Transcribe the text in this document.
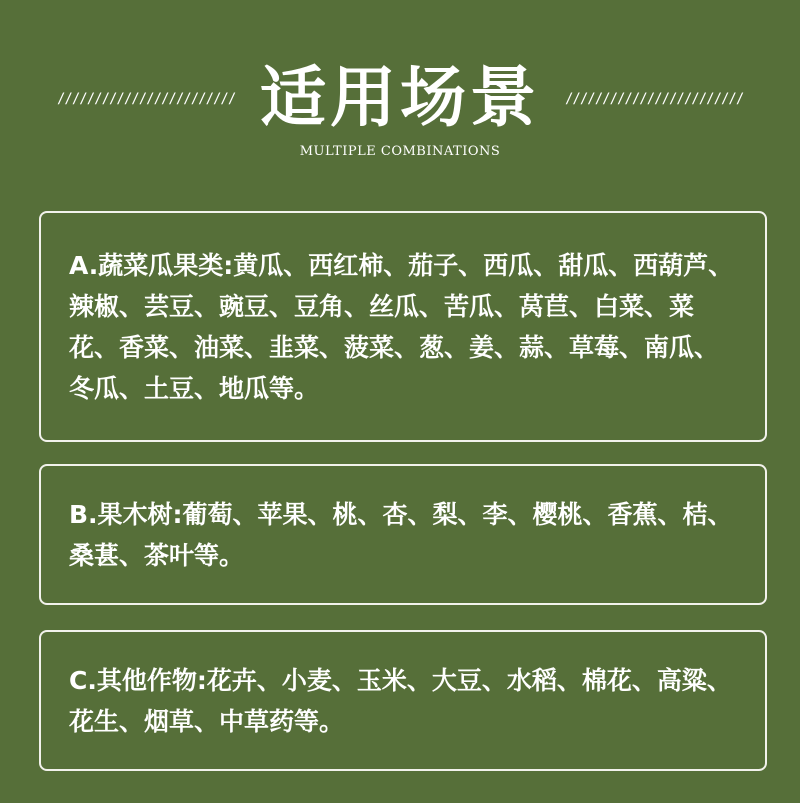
//////////////////////// 适用场景	////////////////////////
MULTIPLE COMBINATIONS
A.蔬菜瓜果类:黄瓜、西红柿、茄子、西瓜、甜瓜、西葫芦、辣椒、芸豆、豌豆、豆角、丝瓜、苦瓜、莴苣、白菜、菜花、香菜、油菜、韭菜、菠菜、葱、姜、蒜、草莓、南瓜、冬瓜、土豆、地瓜等。
B.果木树:葡萄、苹果、桃、杏、梨、李、樱桃、香蕉、桔、桑葚、茶叶等。
C.其他作物:花卉、小麦、玉米、大豆、水稻、棉花、高粱、花生、烟草、中草药等。
